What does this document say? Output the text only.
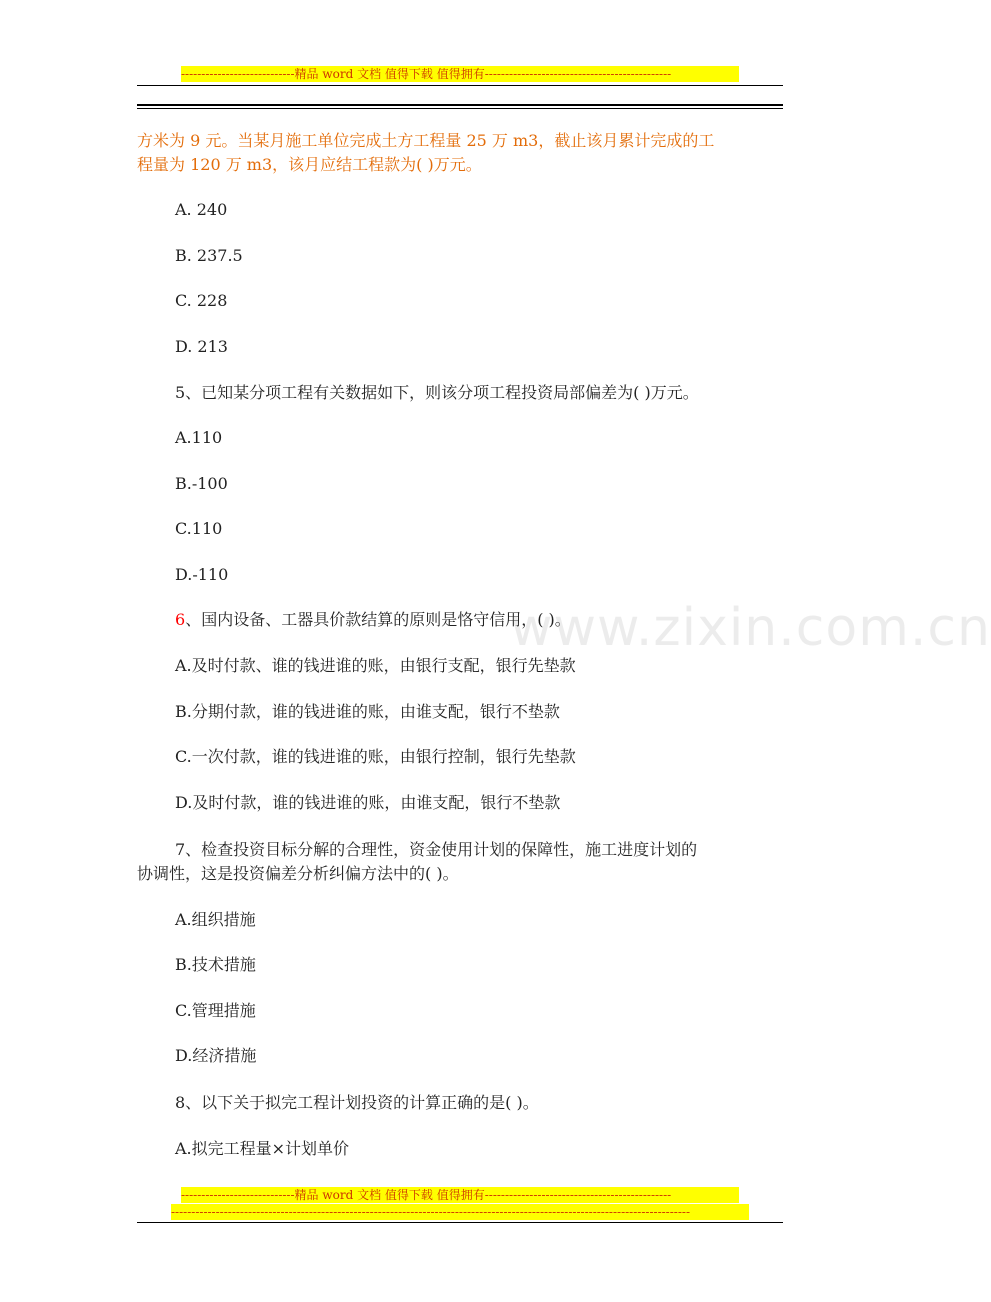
----------------------------精品 word 文档 值得下载 值得拥有----------------------------------------------
方米为 9 元。当某月施工单位完成土方工程量 25 万 m3，截止该月累计完成的工
程量为 120 万 m3，该月应结工程款为( )万元。
A. 240
B. 237.5
C. 228
D. 213
5、已知某分项工程有关数据如下，则该分项工程投资局部偏差为( )万元。
A.110
B.-100
C.110
D.-110
6、国内设备、工器具价款结算的原则是恪守信用，( )。
A.及时付款、谁的钱进谁的账，由银行支配，银行先垫款
B.分期付款，谁的钱进谁的账，由谁支配，银行不垫款
C.一次付款，谁的钱进谁的账，由银行控制，银行先垫款
D.及时付款，谁的钱进谁的账，由谁支配，银行不垫款
7、检查投资目标分解的合理性，资金使用计划的保障性，施工进度计划的
协调性，这是投资偏差分析纠偏方法中的( )。
A.组织措施
B.技术措施
C.管理措施
D.经济措施
8、以下关于拟完工程计划投资的计算正确的是( )。
A.拟完工程量×计划单价
www.zixin.com.cn
----------------------------精品 word 文档 值得下载 值得拥有----------------------------------------------
--------------------------------------------------------------------------------------------------------------------------------
